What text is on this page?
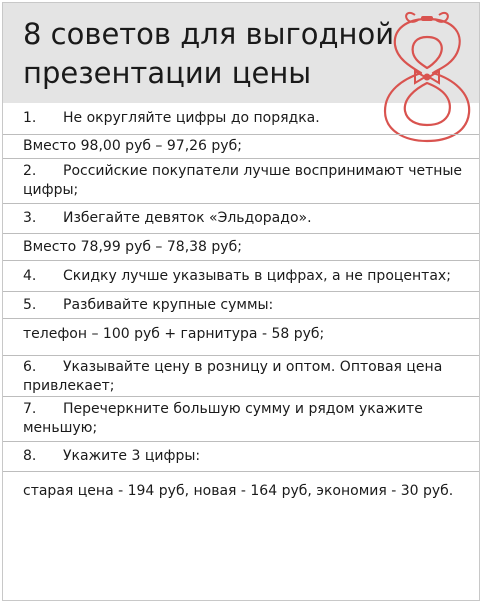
8 советов для выгодной
презентации цены
1. Не округляйте цифры до порядка.
Вместо 98,00 руб – 97,26 руб;
2. Российские покупатели лучше воспринимают четные цифры;
3. Избегайте девяток «Эльдорадо».
Вместо 78,99 руб – 78,38 руб;
4. Скидку лучше указывать в цифрах, а не процентах;
5. Разбивайте крупные суммы:
телефон – 100 руб + гарнитура - 58 руб;
6. Указывайте цену в розницу и оптом. Оптовая цена привлекает;
7. Перечеркните большую сумму и рядом укажите меньшую;
8. Укажите 3 цифры:
старая цена - 194 руб, новая - 164 руб, экономия - 30 руб.
